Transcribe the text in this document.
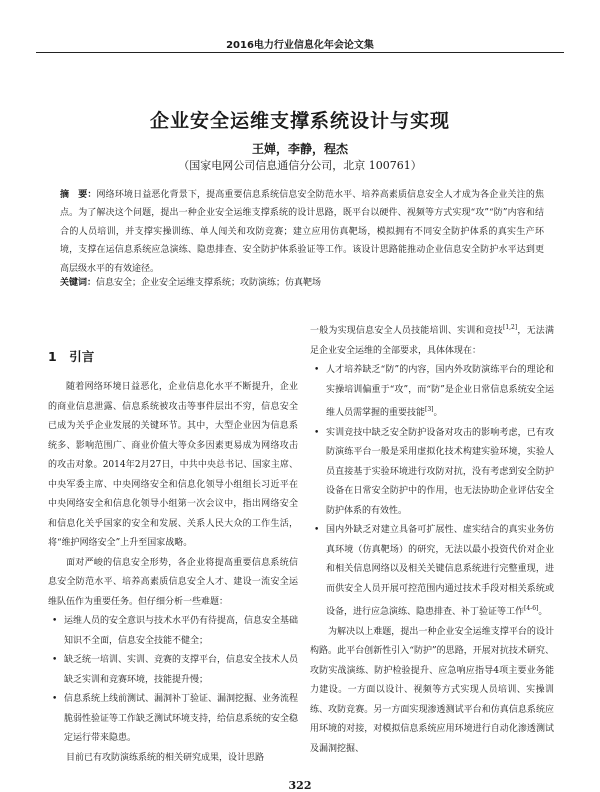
2016电力行业信息化年会论文集
企业安全运维支撑系统设计与实现
王婵，李静，程杰
（国家电网公司信息通信分公司，北京 100761）
摘　要：网络环境日益恶化背景下，提高重要信息系统信息安全防范水平、培养高素质信息安全人才成为各企业关注的焦点。为了解决这个问题，提出一种企业安全运维支撑系统的设计思路，既平台以硬件、视频等方式实现“攻”“防”内容和结合的人员培训，并支撑实操训练、单人闯关和攻防竞赛；建立应用仿真靶场，模拟拥有不同安全防护体系的真实生产环境，支撑在运信息系统应急演练、隐患排查、安全防护体系验证等工作。该设计思路能推动企业信息安全防护水平达到更高层级水平的有效途径。
关键词：信息安全；企业安全运维支撑系统；攻防演练；仿真靶场
1　引言

随着网络环境日益恶化，企业信息化水平不断提升，企业的商业信息泄露、信息系统被攻击等事件层出不穷，信息安全已成为关乎企业发展的关键环节。其中，大型企业因为信息系统多、影响范围广、商业价值大等众多因素更易成为网络攻击的攻击对象。2014年2月27日，中共中央总书记、国家主席、中央军委主席、中央网络安全和信息化领导小组组长习近平在中央网络安全和信息化领导小组第一次会议中，指出网络安全和信息化关乎国家的安全和发展、关系人民大众的工作生活，将“维护网络安全”上升至国家战略。

面对严峻的信息安全形势，各企业将提高重要信息系统信息安全防范水平、培养高素质信息安全人才、建设一流安全运维队伍作为重要任务。但仔细分析一些难题：

• 运维人员的安全意识与技术水平仍有待提高，信息安全基础知识不全面，信息安全技能不健全；
• 缺乏统一培训、实训、竞赛的支撑平台，信息安全技术人员缺乏实训和竞赛环境，技能提升慢；
• 信息系统上线前测试、漏洞补丁验证、漏洞挖掘、业务流程脆弱性验证等工作缺乏测试环境支持，给信息系统的安全稳定运行带来隐患。

目前已有攻防演练系统的相关研究成果，设计思路

一般为实现信息安全人员技能培训、实训和竞技[1,2]，无法满足企业安全运维的全部要求，具体体现在：

• 人才培养缺乏“防”的内容，国内外攻防演练平台的理论和实操培训偏重于“攻”，而“防”是企业日常信息系统安全运维人员需掌握的重要技能[3]。
• 实训竞技中缺乏安全防护设备对攻击的影响考虑，已有攻防演练平台一般是采用虚拟化技术构建实验环境，实验人员直接基于实验环境进行攻防对抗，没有考虑到安全防护设备在日常安全防护中的作用，也无法协助企业评估安全防护体系的有效性。
• 国内外缺乏对建立具备可扩展性、虚实结合的真实业务仿真环境（仿真靶场）的研究，无法以最小投资代价对企业和相关信息网络以及相关关键信息系统进行完整重现，进而供安全人员开展可控范围内通过技术手段对相关系统或设备，进行应急演练、隐患排查、补丁验证等工作[4-6]。

为解决以上难题，提出一种企业安全运维支撑平台的设计构路。此平台创新性引入“防护”的思路，开展对抗技术研究、攻防实战演练、防护检验提升、应急响应指导4项主要业务能力建设。一方面以设计、视频等方式实现人员培训、实操训练、攻防竞赛。另一方面实现渗透测试平台和仿真信息系统应用环境的对接，对模拟信息系统应用环境进行自动化渗透测试及漏洞挖掘、

322
